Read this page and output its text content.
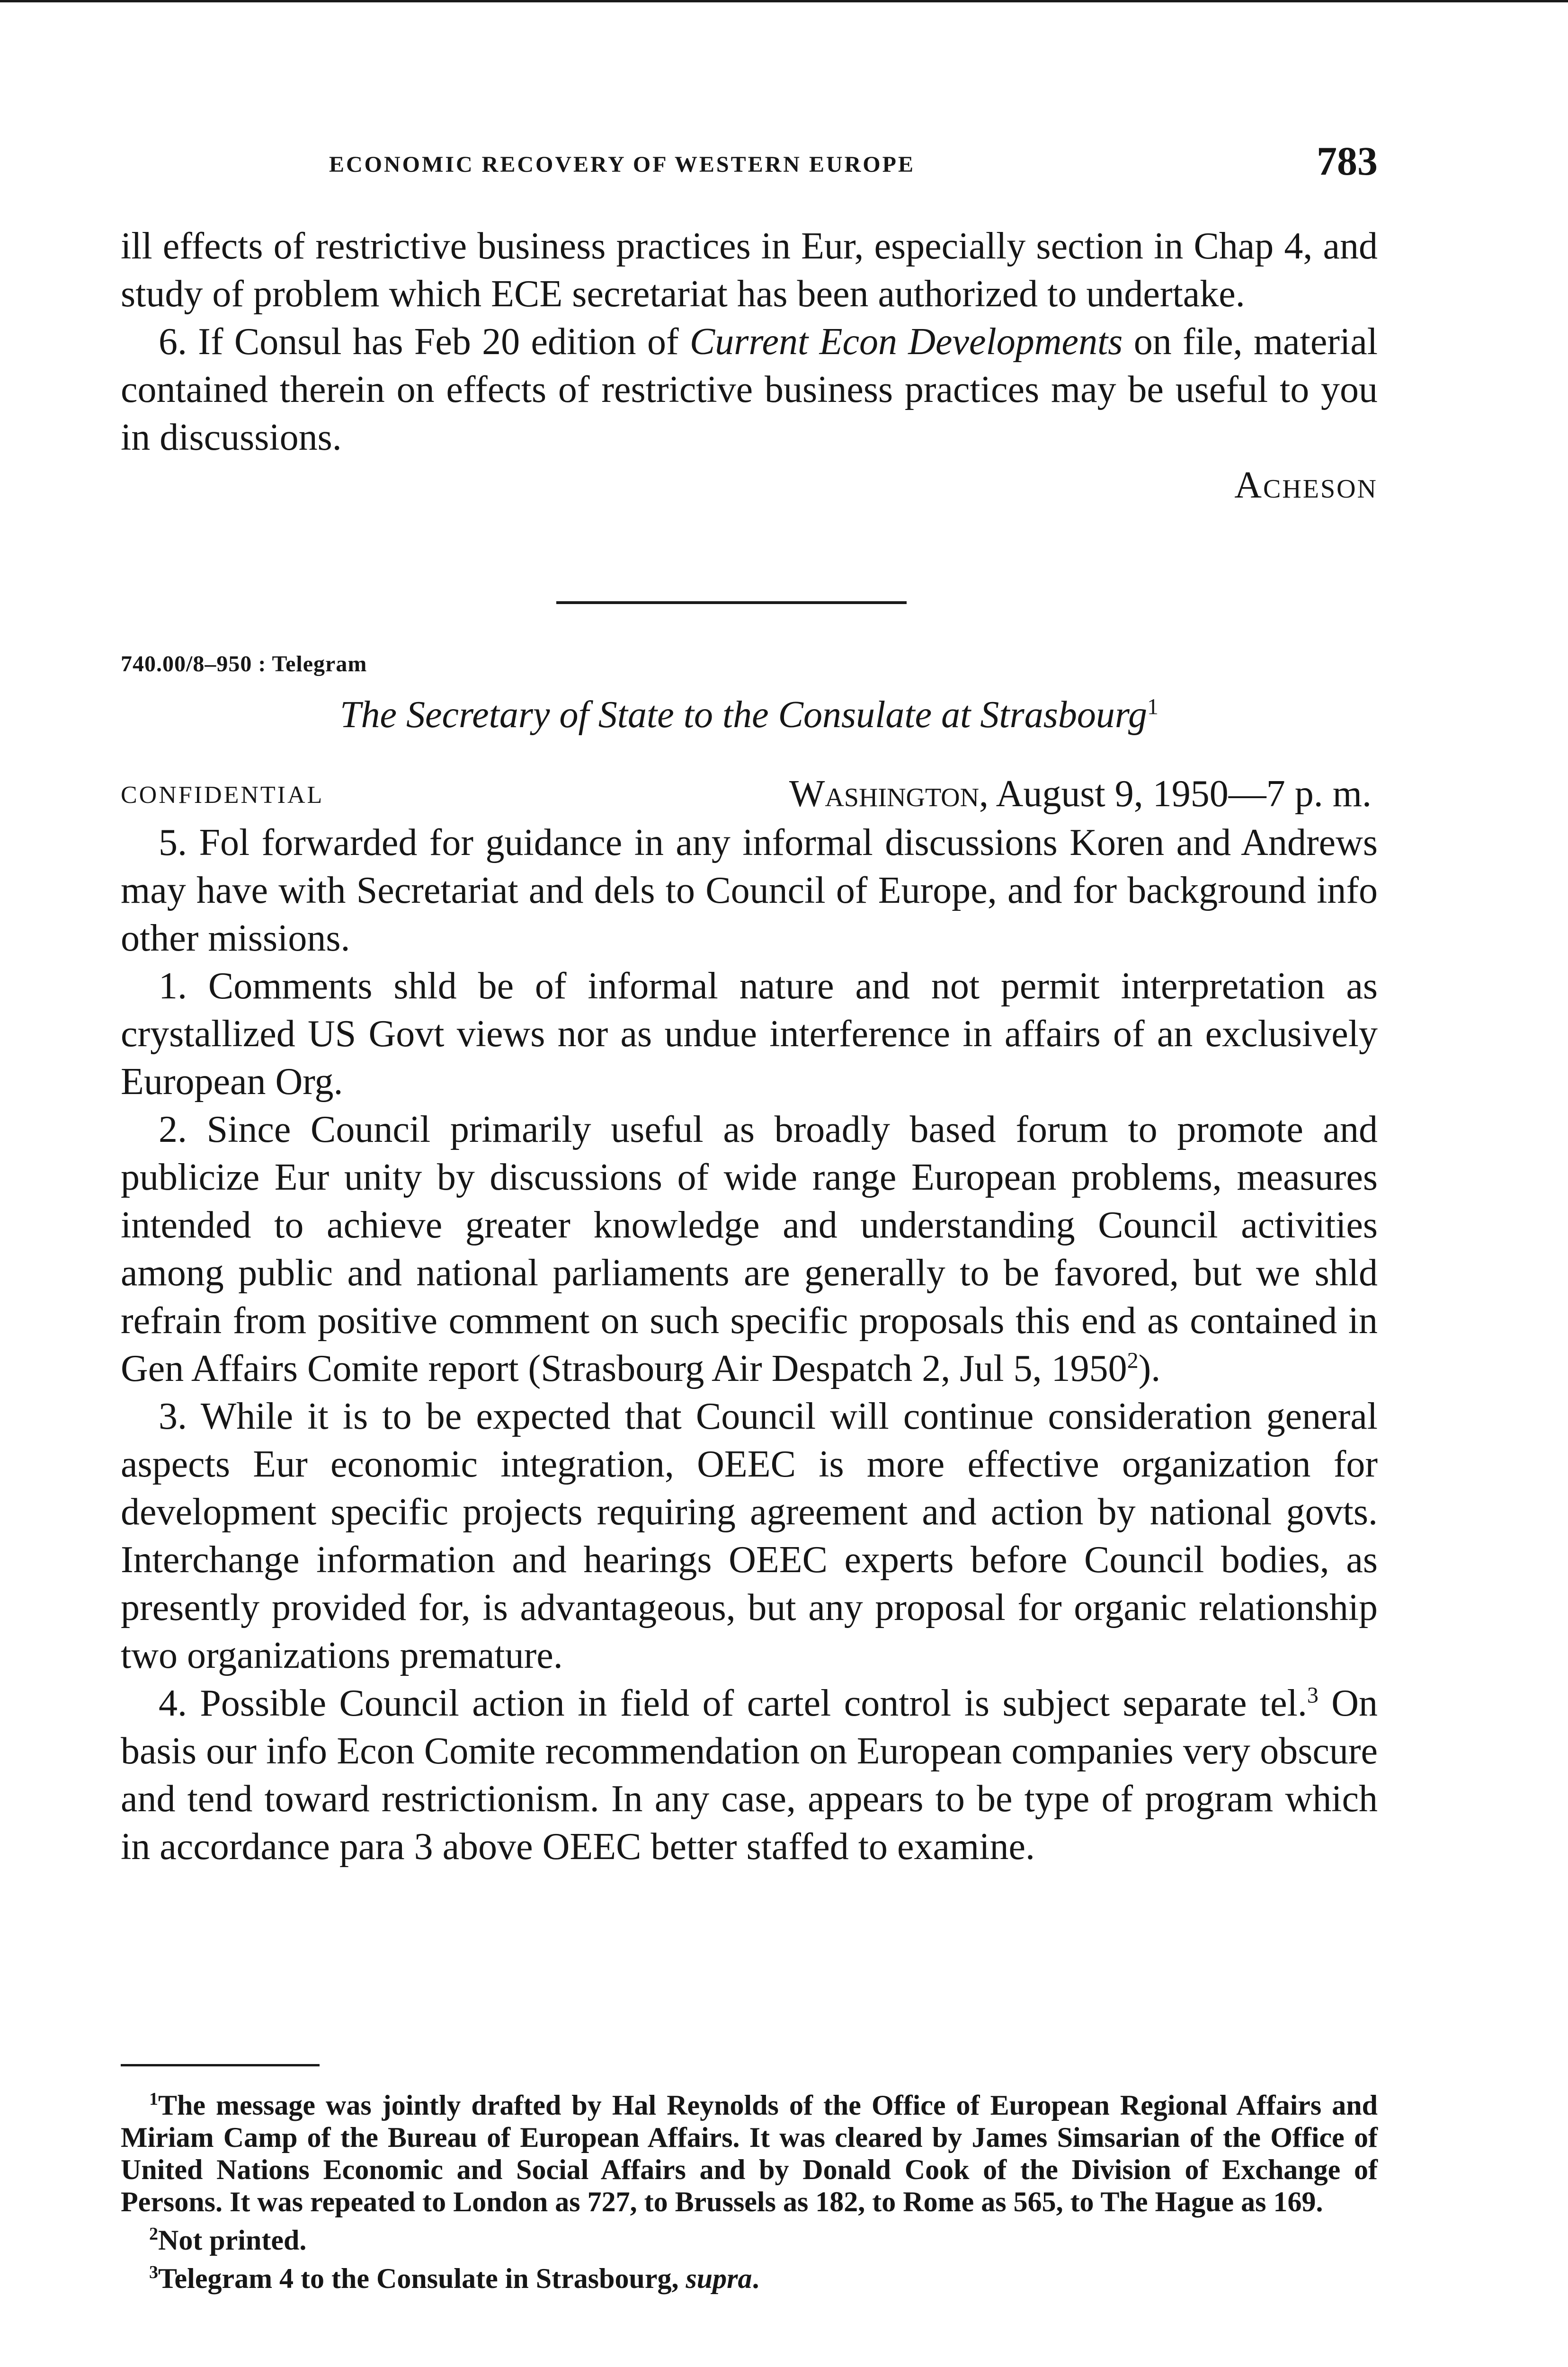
ECONOMIC RECOVERY OF WESTERN EUROPE	783

ill effects of restrictive business practices in Eur, especially section in Chap 4, and study of problem which ECE secretariat has been authorized to undertake.

6. If Consul has Feb 20 edition of Current Econ Developments on file, material contained therein on effects of restrictive business practices may be useful to you in discussions.

Acheson

740.00/8–950 : Telegram
The Secretary of State to the Consulate at Strasbourg$^1$
CONFIDENTIAL	Washington, August 9, 1950—7 p. m.

5. Fol forwarded for guidance in any informal discussions Koren and Andrews may have with Secretariat and dels to Council of Europe, and for background info other missions.

1. Comments shld be of informal nature and not permit interpretation as crystallized US Govt views nor as undue interference in affairs of an exclusively European Org.

2. Since Council primarily useful as broadly based forum to promote and publicize Eur unity by discussions of wide range European problems, measures intended to achieve greater knowledge and understanding Council activities among public and national parliaments are generally to be favored, but we shld refrain from positive comment on such specific proposals this end as contained in Gen Affairs Comite report (Strasbourg Air Despatch 2, Jul 5, 1950$^2$).

3. While it is to be expected that Council will continue consideration general aspects Eur economic integration, OEEC is more effective organization for development specific projects requiring agreement and action by national govts. Interchange information and hearings OEEC experts before Council bodies, as presently provided for, is advantageous, but any proposal for organic relationship two organizations premature.

4. Possible Council action in field of cartel control is subject separate tel.$^3$ On basis our info Econ Comite recommendation on European companies very obscure and tend toward restrictionism. In any case, appears to be type of program which in accordance para 3 above OEEC better staffed to examine.

$^1$The message was jointly drafted by Hal Reynolds of the Office of European Regional Affairs and Miriam Camp of the Bureau of European Affairs. It was cleared by James Simsarian of the Office of United Nations Economic and Social Affairs and by Donald Cook of the Division of Exchange of Persons. It was repeated to London as 727, to Brussels as 182, to Rome as 565, to The Hague as 169.

$^2$Not printed.

$^3$Telegram 4 to the Consulate in Strasbourg, supra.
